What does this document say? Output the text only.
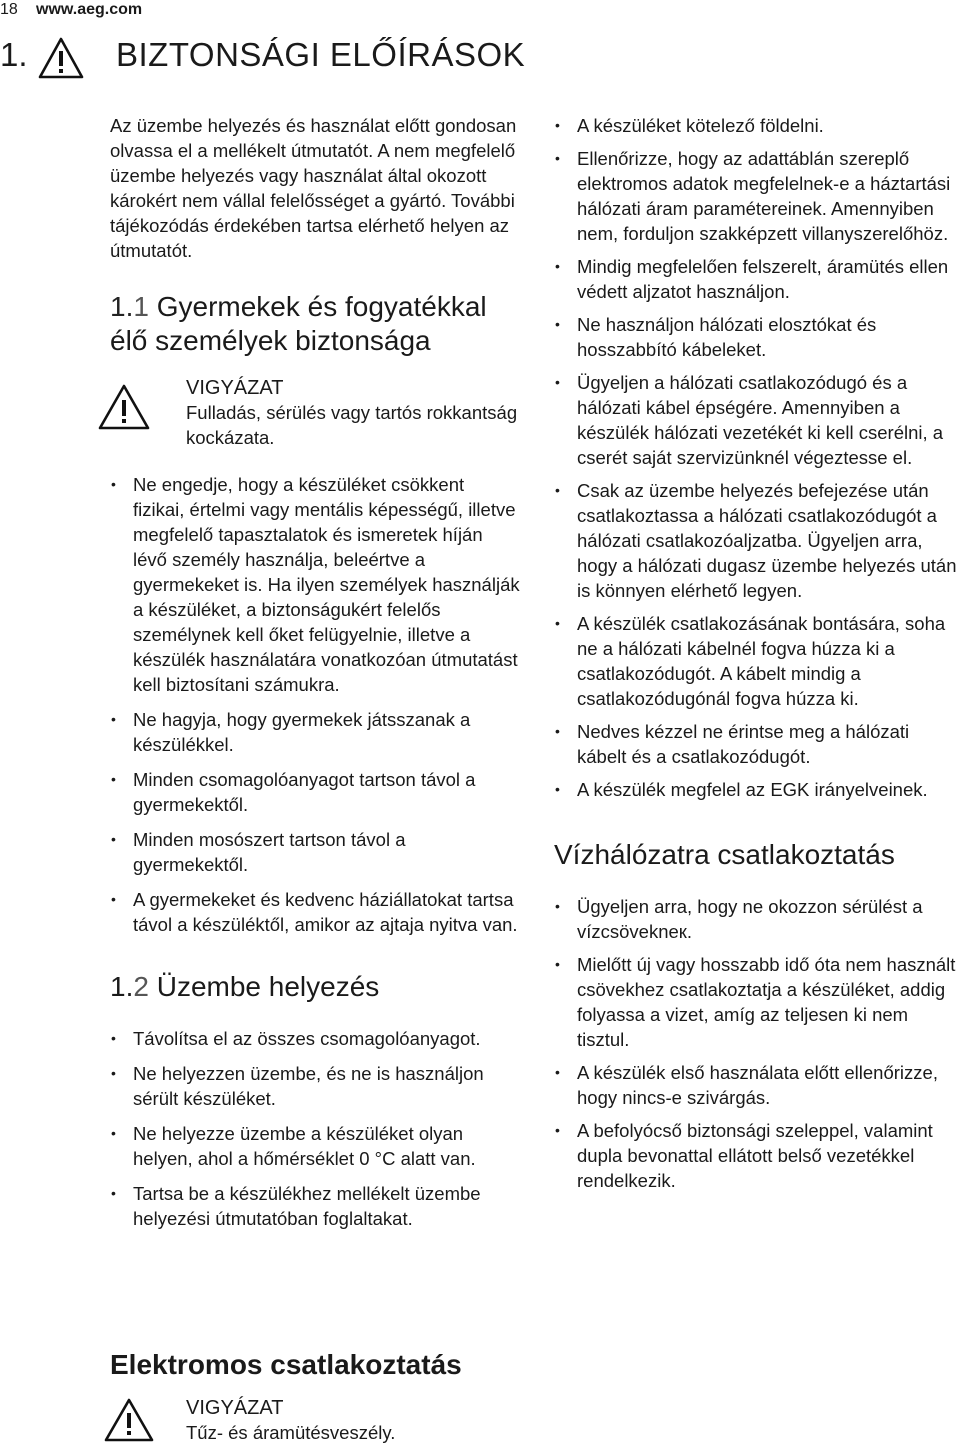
18 www.aeg.com
1.	BIZTONSÁGI ELŐÍRÁSOK

Az üzembe helyezés és használat előtt gondosan olvassa el a mellékelt útmutatót. A nem megfelelő üzembe helyezés vagy használat által okozott károkért nem vállal felelősséget a gyártó. További tájékozódás érdekében tartsa elérhető helyen az útmutatót.

1.1 Gyermekek és fogyatékkal élő személyek biztonsága
VIGYÁZAT
Fulladás, sérülés vagy tartós rokkantság kockázata.
• Ne engedje, hogy a készüléket csökkent fizikai, értelmi vagy mentális képességű, illetve megfelelő tapasztalatok és ismeretek híján lévő személy használja, beleértve a gyermekeket is. Ha ilyen személyek használják a készüléket, a biztonságukért felelős személynek kell őket felügyelnie, illetve a készülék használatára vonatkozóan útmutatást kell biztosítani számukra.
• Ne hagyja, hogy gyermekek játsszanak a készülékkel.
• Minden csomagolóanyagot tartson távol a gyermekektől.
• Minden mosószert tartson távol a gyermekektől.
• A gyermekeket és kedvenc háziállatokat tartsa távol a készüléktől, amikor az ajtaja nyitva van.
1.2 Üzembe helyezés
• Távolítsa el az összes csomagolóanyagot.
• Ne helyezzen üzembe, és ne is használjon sérült készüléket.
• Ne helyezze üzembe a készüléket olyan helyen, ahol a hőmérséklet 0 °C alatt van.
• Tartsa be a készülékhez mellékelt üzembe helyezési útmutatóban foglaltakat.
Elektromos csatlakoztatás
VIGYÁZAT
Tűz- és áramütésveszély.
• A készüléket kötelező földelni.
• Ellenőrizze, hogy az adattáblán szereplő elektromos adatok megfelelnek-e a háztartási hálózati áram paramétereinek. Amennyiben nem, forduljon szakképzett villanyszerelőhöz.
• Mindig megfelelően felszerelt, áramütés ellen védett aljzatot használjon.
• Ne használjon hálózati elosztókat és hosszabbító kábeleket.
• Ügyeljen a hálózati csatlakozódugó és a hálózati kábel épségére. Amennyiben a készülék hálózati vezetékét ki kell cserélni, a cserét saját szervizünknél végeztesse el.
• Csak az üzembe helyezés befejezése után csatlakoztassa a hálózati csatlakozódugót a hálózati csatlakozóaljzatba. Ügyeljen arra, hogy a hálózati dugasz üzembe helyezés után is könnyen elérhető legyen.
• A készülék csatlakozásának bontására, soha ne a hálózati kábelnél fogva húzza ki a csatlakozódugót. A kábelt mindig a csatlakozódugónál fogva húzza ki.
• Nedves kézzel ne érintse meg a hálózati kábelt és a csatlakozódugót.
• A készülék megfelel az EGK irányelveinek.
Vízhálózatra csatlakoztatás
• Ügyeljen arra, hogy ne okozzon sérülést a vízcsövekneк.
• Mielőtt új vagy hosszabb idő óta nem használt csövekhez csatlakoztatja a készüléket, addig folyassa a vizet, amíg az teljesen ki nem tisztul.
• A készülék első használata előtt ellenőrizze, hogy nincs-e szivárgás.
• A befolyócső biztonsági szeleppel, valamint dupla bevonattal ellátott belső vezetékkel rendelkezik.
